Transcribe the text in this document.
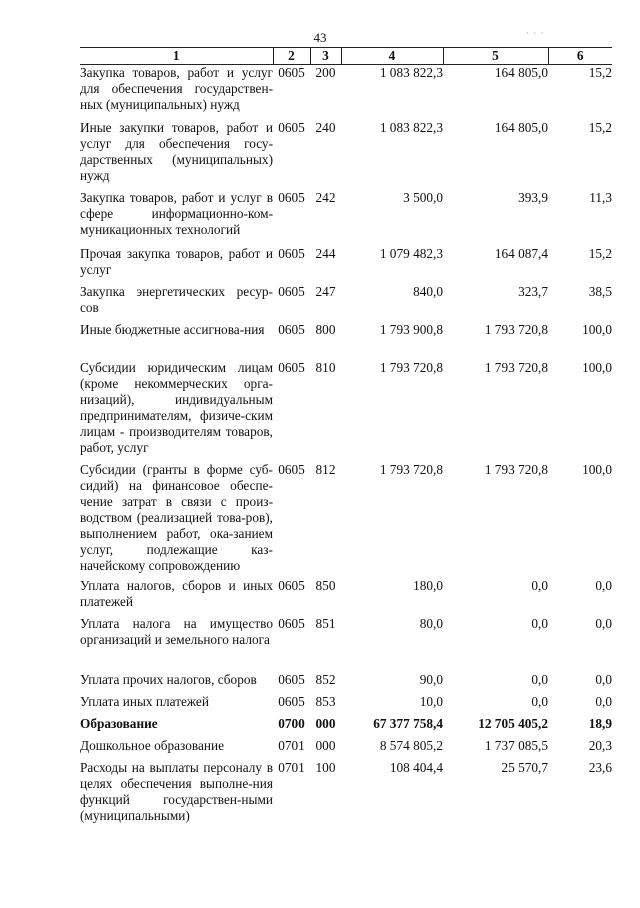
43	· · ·
1	2	3	4	5	6
Закупка товаров, работ и услуг для обеспечения государствен-ных (муниципальных) нужд	0605	200	1 083 822,3	164 805,0	15,2
Иные закупки товаров, работ и услуг для обеспечения госу-дарственных (муниципальных) нужд	0605	240	1 083 822,3	164 805,0	15,2
Закупка товаров, работ и услуг в сфере информационно-ком-муникационных технологий	0605	242	3 500,0	393,9	11,3
Прочая закупка товаров, работ и услуг	0605	244	1 079 482,3	164 087,4	15,2
Закупка энергетических ресур-сов	0605	247	840,0	323,7	38,5
Иные бюджетные ассигнова-ния	0605	800	1 793 900,8	1 793 720,8	100,0
Субсидии юридическим лицам (кроме некоммерческих орга-низаций), индивидуальным предпринимателям, физиче-ским лицам - производителям товаров, работ, услуг	0605	810	1 793 720,8	1 793 720,8	100,0
Субсидии (гранты в форме суб-сидий) на финансовое обеспе-чение затрат в связи с произ-водством (реализацией това-ров), выполнением работ, ока-занием услуг, подлежащие каз-начейскому сопровождению	0605	812	1 793 720,8	1 793 720,8	100,0
Уплата налогов, сборов и иных платежей	0605	850	180,0	0,0	0,0
Уплата налога на имущество организаций и земельного налога	0605	851	80,0	0,0	0,0
Уплата прочих налогов, сборов	0605	852	90,0	0,0	0,0
Уплата иных платежей	0605	853	10,0	0,0	0,0
Образование	0700	000	67 377 758,4	12 705 405,2	18,9
Дошкольное образование	0701	000	8 574 805,2	1 737 085,5	20,3
Расходы на выплаты персоналу в целях обеспечения выполне-ния функций государствен-ными (муниципальными)	0701	100	108 404,4	25 570,7	23,6
